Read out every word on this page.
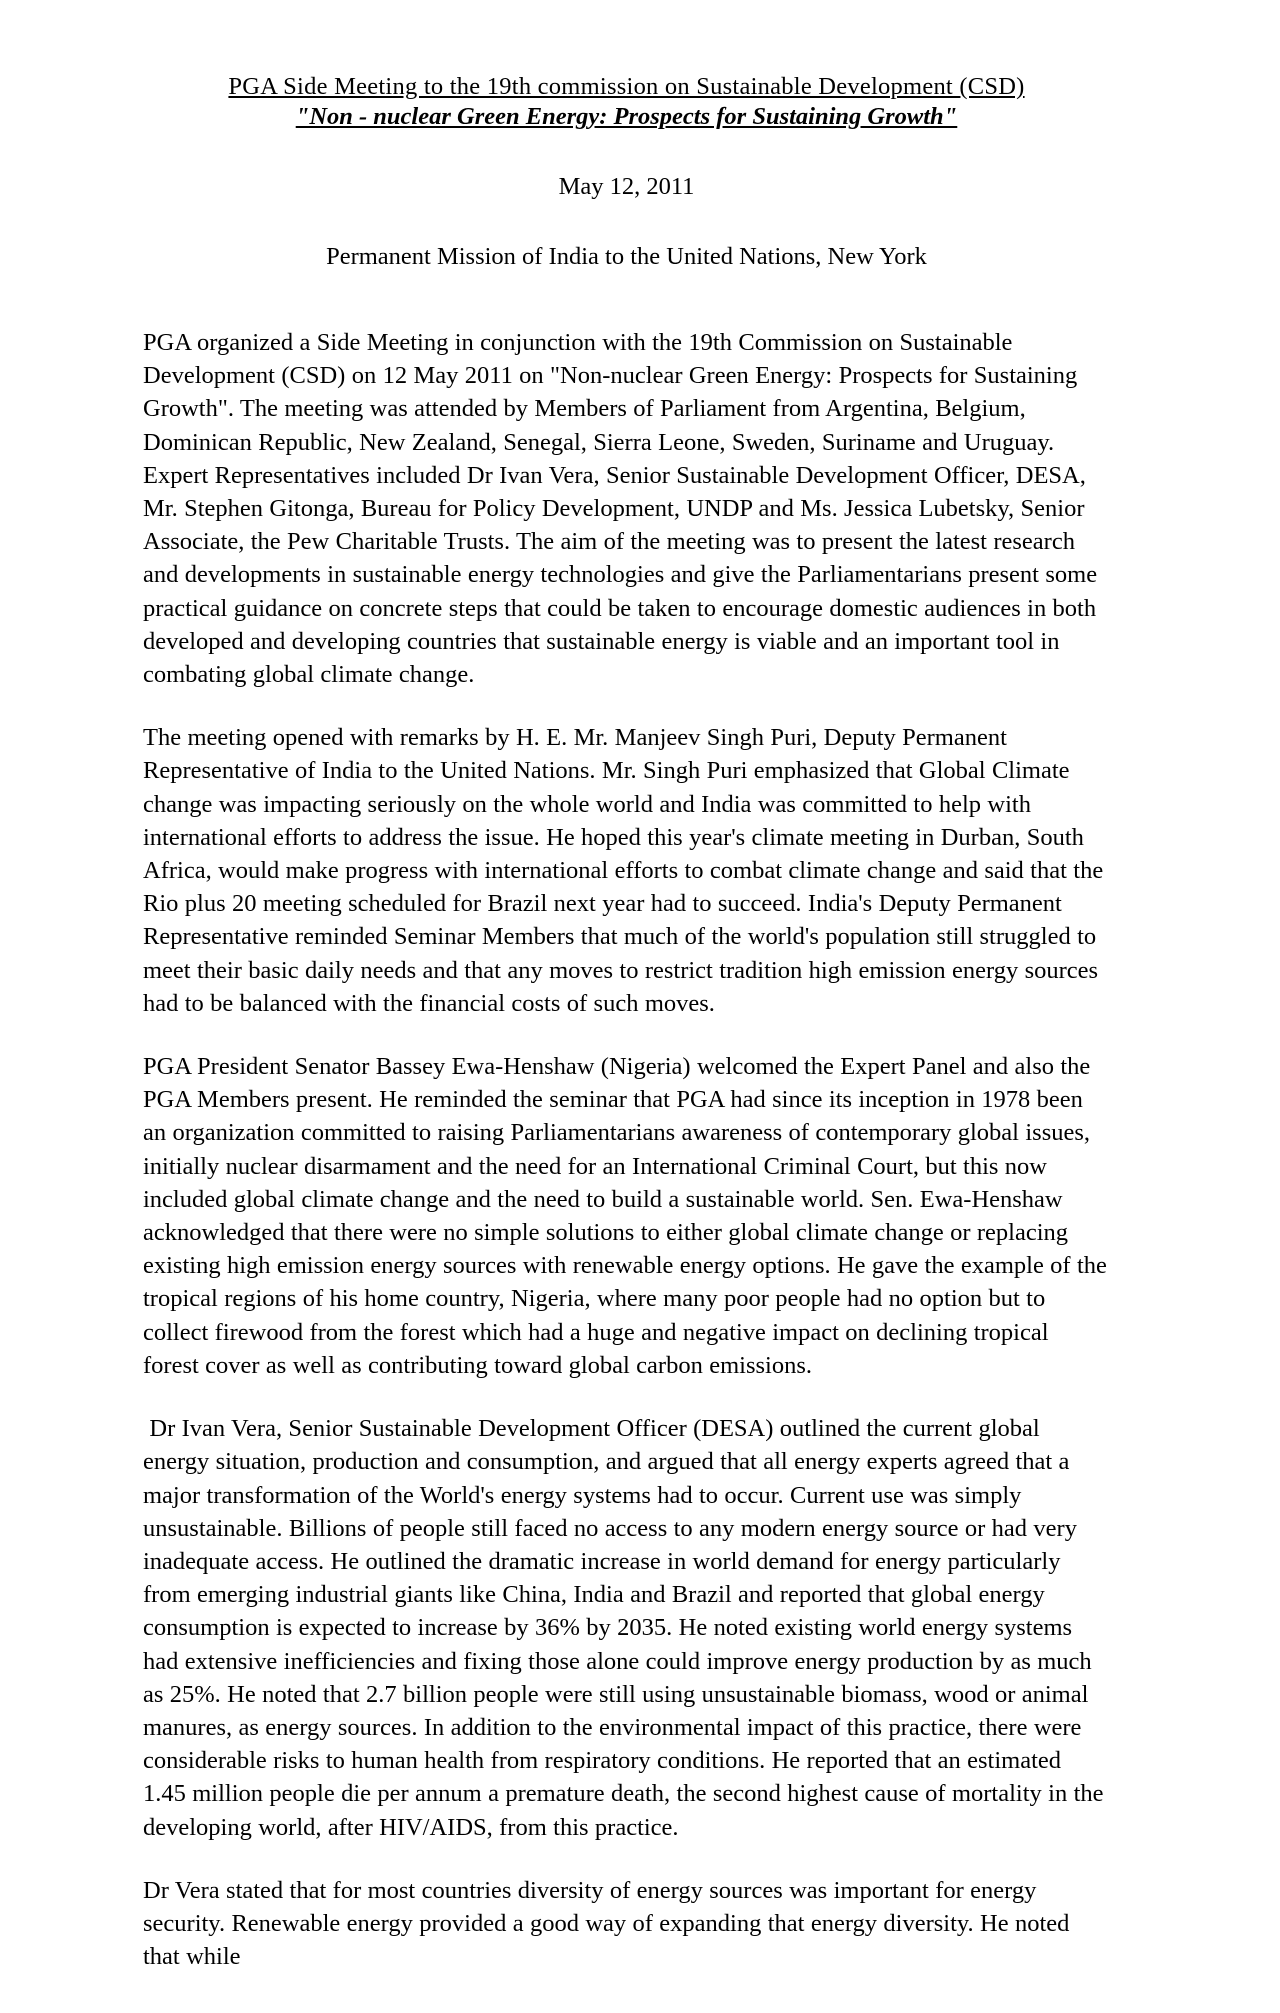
PGA Side Meeting to the 19th commission on Sustainable Development (CSD)
"Non - nuclear Green Energy: Prospects for Sustaining Growth"
May 12, 2011
Permanent Mission of India to the United Nations, New York

PGA organized a Side Meeting in conjunction with the 19th Commission on Sustainable Development (CSD) on 12 May 2011 on "Non-nuclear Green Energy: Prospects for Sustaining Growth". The meeting was attended by Members of Parliament from Argentina, Belgium, Dominican Republic, New Zealand, Senegal, Sierra Leone, Sweden, Suriname and Uruguay.  Expert Representatives included Dr Ivan Vera, Senior Sustainable Development Officer, DESA, Mr. Stephen Gitonga, Bureau for Policy Development, UNDP and Ms. Jessica Lubetsky, Senior Associate, the Pew Charitable Trusts. The aim of the meeting was to present the latest research and developments in sustainable energy technologies and give the Parliamentarians present some practical guidance on concrete steps that could be taken to encourage domestic audiences in both developed and developing countries that sustainable energy is viable and an important tool in combating global climate change.

The meeting opened with remarks by H. E. Mr. Manjeev Singh Puri, Deputy Permanent Representative of India to the United Nations. Mr. Singh Puri emphasized that Global Climate change was impacting seriously on the whole world and India was committed to help with international efforts to address the issue. He hoped this year's climate meeting in Durban, South Africa, would make progress with international efforts to combat climate change and said that the Rio plus 20 meeting scheduled for Brazil next year had to succeed. India's Deputy Permanent Representative reminded Seminar Members that much of the world's population still struggled to meet their basic daily needs and that any moves to restrict tradition high emission energy sources had to be balanced with the financial costs of such moves.

PGA President Senator Bassey Ewa-Henshaw (Nigeria) welcomed the Expert Panel and also the PGA Members present. He reminded the seminar that PGA had since its inception in 1978 been an organization committed to raising Parliamentarians awareness of contemporary global issues, initially nuclear disarmament and the need for an International Criminal Court, but this now included global climate change and the need to build a sustainable world. Sen. Ewa-Henshaw acknowledged that there were no simple solutions to either global climate change or replacing existing high emission energy sources with renewable energy options. He gave the example of the tropical regions of his home country, Nigeria, where many poor people had no option but to collect firewood from the forest which had a huge and negative impact on declining tropical forest cover as well as contributing toward global carbon emissions.

Dr Ivan Vera, Senior Sustainable Development Officer (DESA) outlined the current global energy situation, production and consumption, and argued that all energy experts agreed that a major transformation of the World's energy systems had to occur. Current use was simply unsustainable. Billions of people still faced no access to any modern energy source or had very inadequate access. He outlined the dramatic increase in world demand for energy particularly from emerging industrial giants like China, India and Brazil and reported that global energy consumption is expected to increase by 36% by 2035. He noted existing world energy systems had extensive inefficiencies and fixing those alone could improve energy production by as much as 25%. He noted that 2.7 billion people were still using unsustainable biomass, wood or animal manures, as energy sources. In addition to the environmental impact of this practice, there were considerable risks to human health from respiratory conditions. He reported that an estimated 1.45 million people die per annum a premature death, the second highest cause of mortality in the developing world, after HIV/AIDS, from this practice.

Dr Vera stated that for most countries diversity of energy sources was important for energy security. Renewable energy provided a good way of expanding that energy diversity. He noted that while
